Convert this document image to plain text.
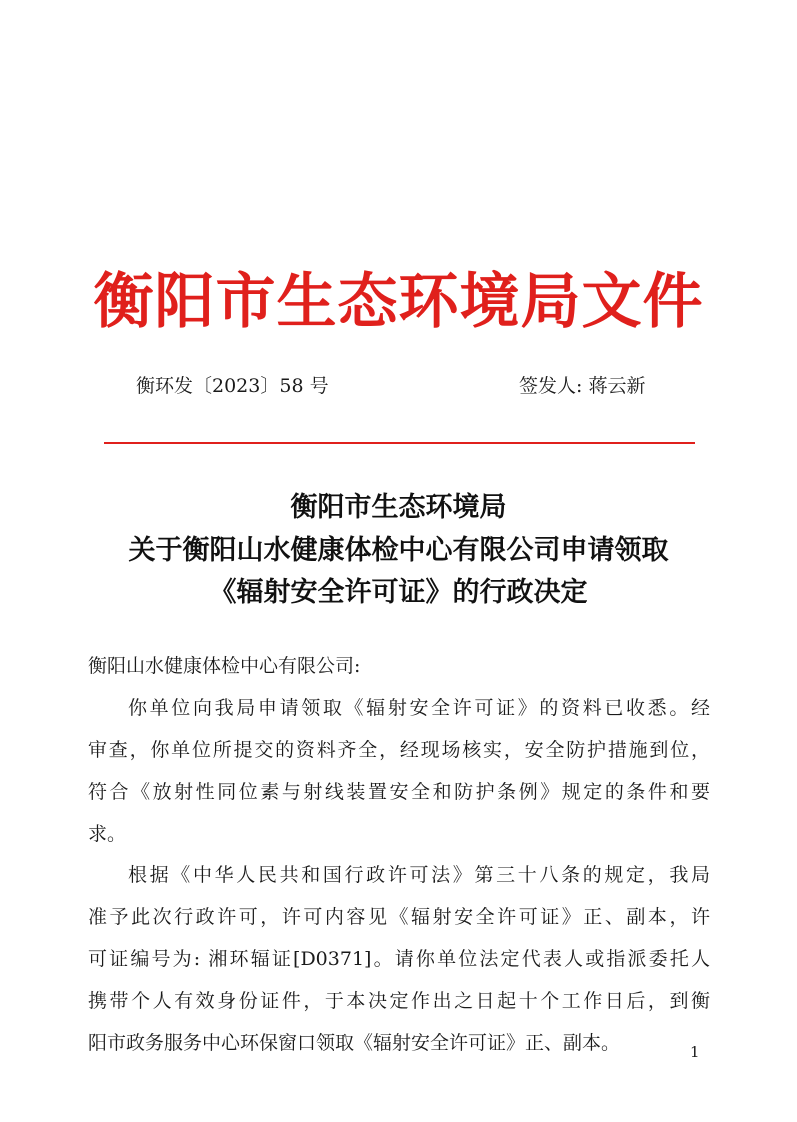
衡阳市生态环境局文件
衡环发〔2023〕58 号	签发人: 蒋云新
衡阳市生态环境局
关于衡阳山水健康体检中心有限公司申请领取
《辐射安全许可证》的行政决定
衡阳山水健康体检中心有限公司:
你单位向我局申请领取《辐射安全许可证》的资料已收悉。经
审查，你单位所提交的资料齐全，经现场核实，安全防护措施到位，
符合《放射性同位素与射线装置安全和防护条例》规定的条件和要
求。
根据《中华人民共和国行政许可法》第三十八条的规定，我局
准予此次行政许可，许可内容见《辐射安全许可证》正、副本，许
可证编号为: 湘环辐证[D0371]。请你单位法定代表人或指派委托人
携带个人有效身份证件，于本决定作出之日起十个工作日后，到衡
阳市政务服务中心环保窗口领取《辐射安全许可证》正、副本。	1
